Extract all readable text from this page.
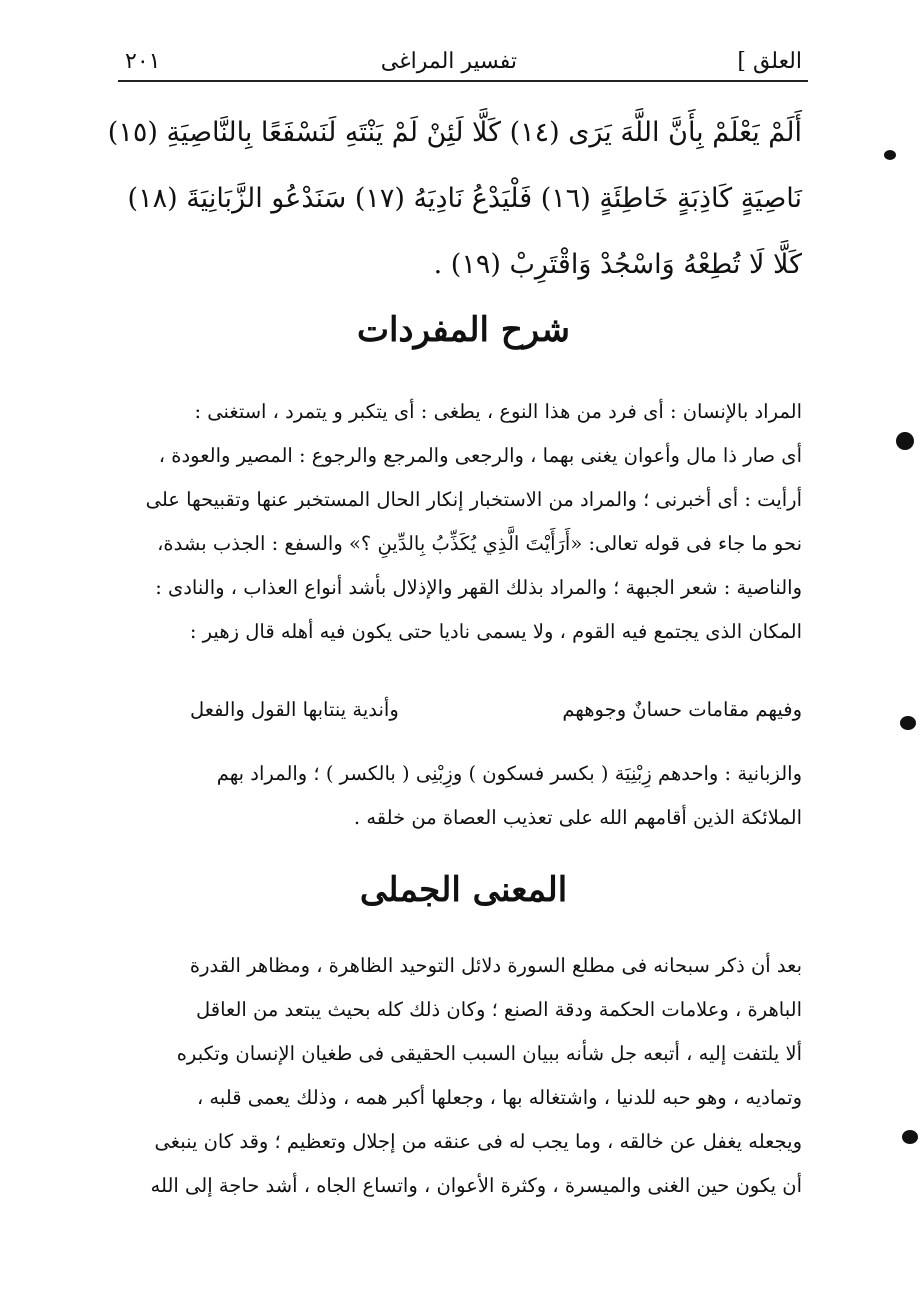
العلق ]
تفسير المراغى
٢٠١
أَلَمْ يَعْلَمْ بِأَنَّ اللَّهَ يَرَى (١٤) كَلَّا لَئِنْ لَمْ يَنْتَهِ لَنَسْفَعًا بِالنَّاصِيَةِ (١٥)
نَاصِيَةٍ كَاذِبَةٍ خَاطِئَةٍ (١٦) فَلْيَدْعُ نَادِيَهُ (١٧) سَنَدْعُو الزَّبَانِيَةَ (١٨)
كَلَّا لَا تُطِعْهُ وَاسْجُدْ وَاقْتَرِبْ (١٩) .
شرح المفردات
المراد بالإنسان : أى فرد من هذا النوع ، يطغى : أى يتكبر و يتمرد ، استغنى :
أى صار ذا مال وأعوان يغنى بهما ، والرجعى والمرجع والرجوع : المصير والعودة ،
أرأيت : أى أخبرنى ؛ والمراد من الاستخبار إنكار الحال المستخبر عنها وتقبيحها على
نحو ما جاء فى قوله تعالى: «أَرَأَيْتَ الَّذِي يُكَذِّبُ بِالدِّينِ ؟» والسفع : الجذب بشدة،
والناصية : شعر الجبهة ؛ والمراد بذلك القهر والإذلال بأشد أنواع العذاب ، والنادى :
المكان الذى يجتمع فيه القوم ، ولا يسمى ناديا حتى يكون فيه أهله قال زهير :
وفيهم مقامات حسانٌ وجوههم
وأندية ينتابها القول والفعل
والزبانية : واحدهم زِبْنِيَة ( بكسر فسكون ) وزِبْنِى ( بالكسر ) ؛ والمراد بهم
الملائكة الذين أقامهم الله على تعذيب العصاة من خلقه .
المعنى الجملى
بعد أن ذكر سبحانه فى مطلع السورة دلائل التوحيد الظاهرة ، ومظاهر القدرة
الباهرة ، وعلامات الحكمة ودقة الصنع ؛ وكان ذلك كله بحيث يبتعد من العاقل
ألا يلتفت إليه ، أتبعه جل شأنه ببيان السبب الحقيقى فى طغيان الإنسان وتكبره
وتماديه ، وهو حبه للدنيا ، واشتغاله بها ، وجعلها أكبر همه ، وذلك يعمى قلبه ،
ويجعله يغفل عن خالقه ، وما يجب له فى عنقه من إجلال وتعظيم ؛ وقد كان ينبغى
أن يكون حين الغنى والميسرة ، وكثرة الأعوان ، واتساع الجاه ، أشد حاجة إلى الله
